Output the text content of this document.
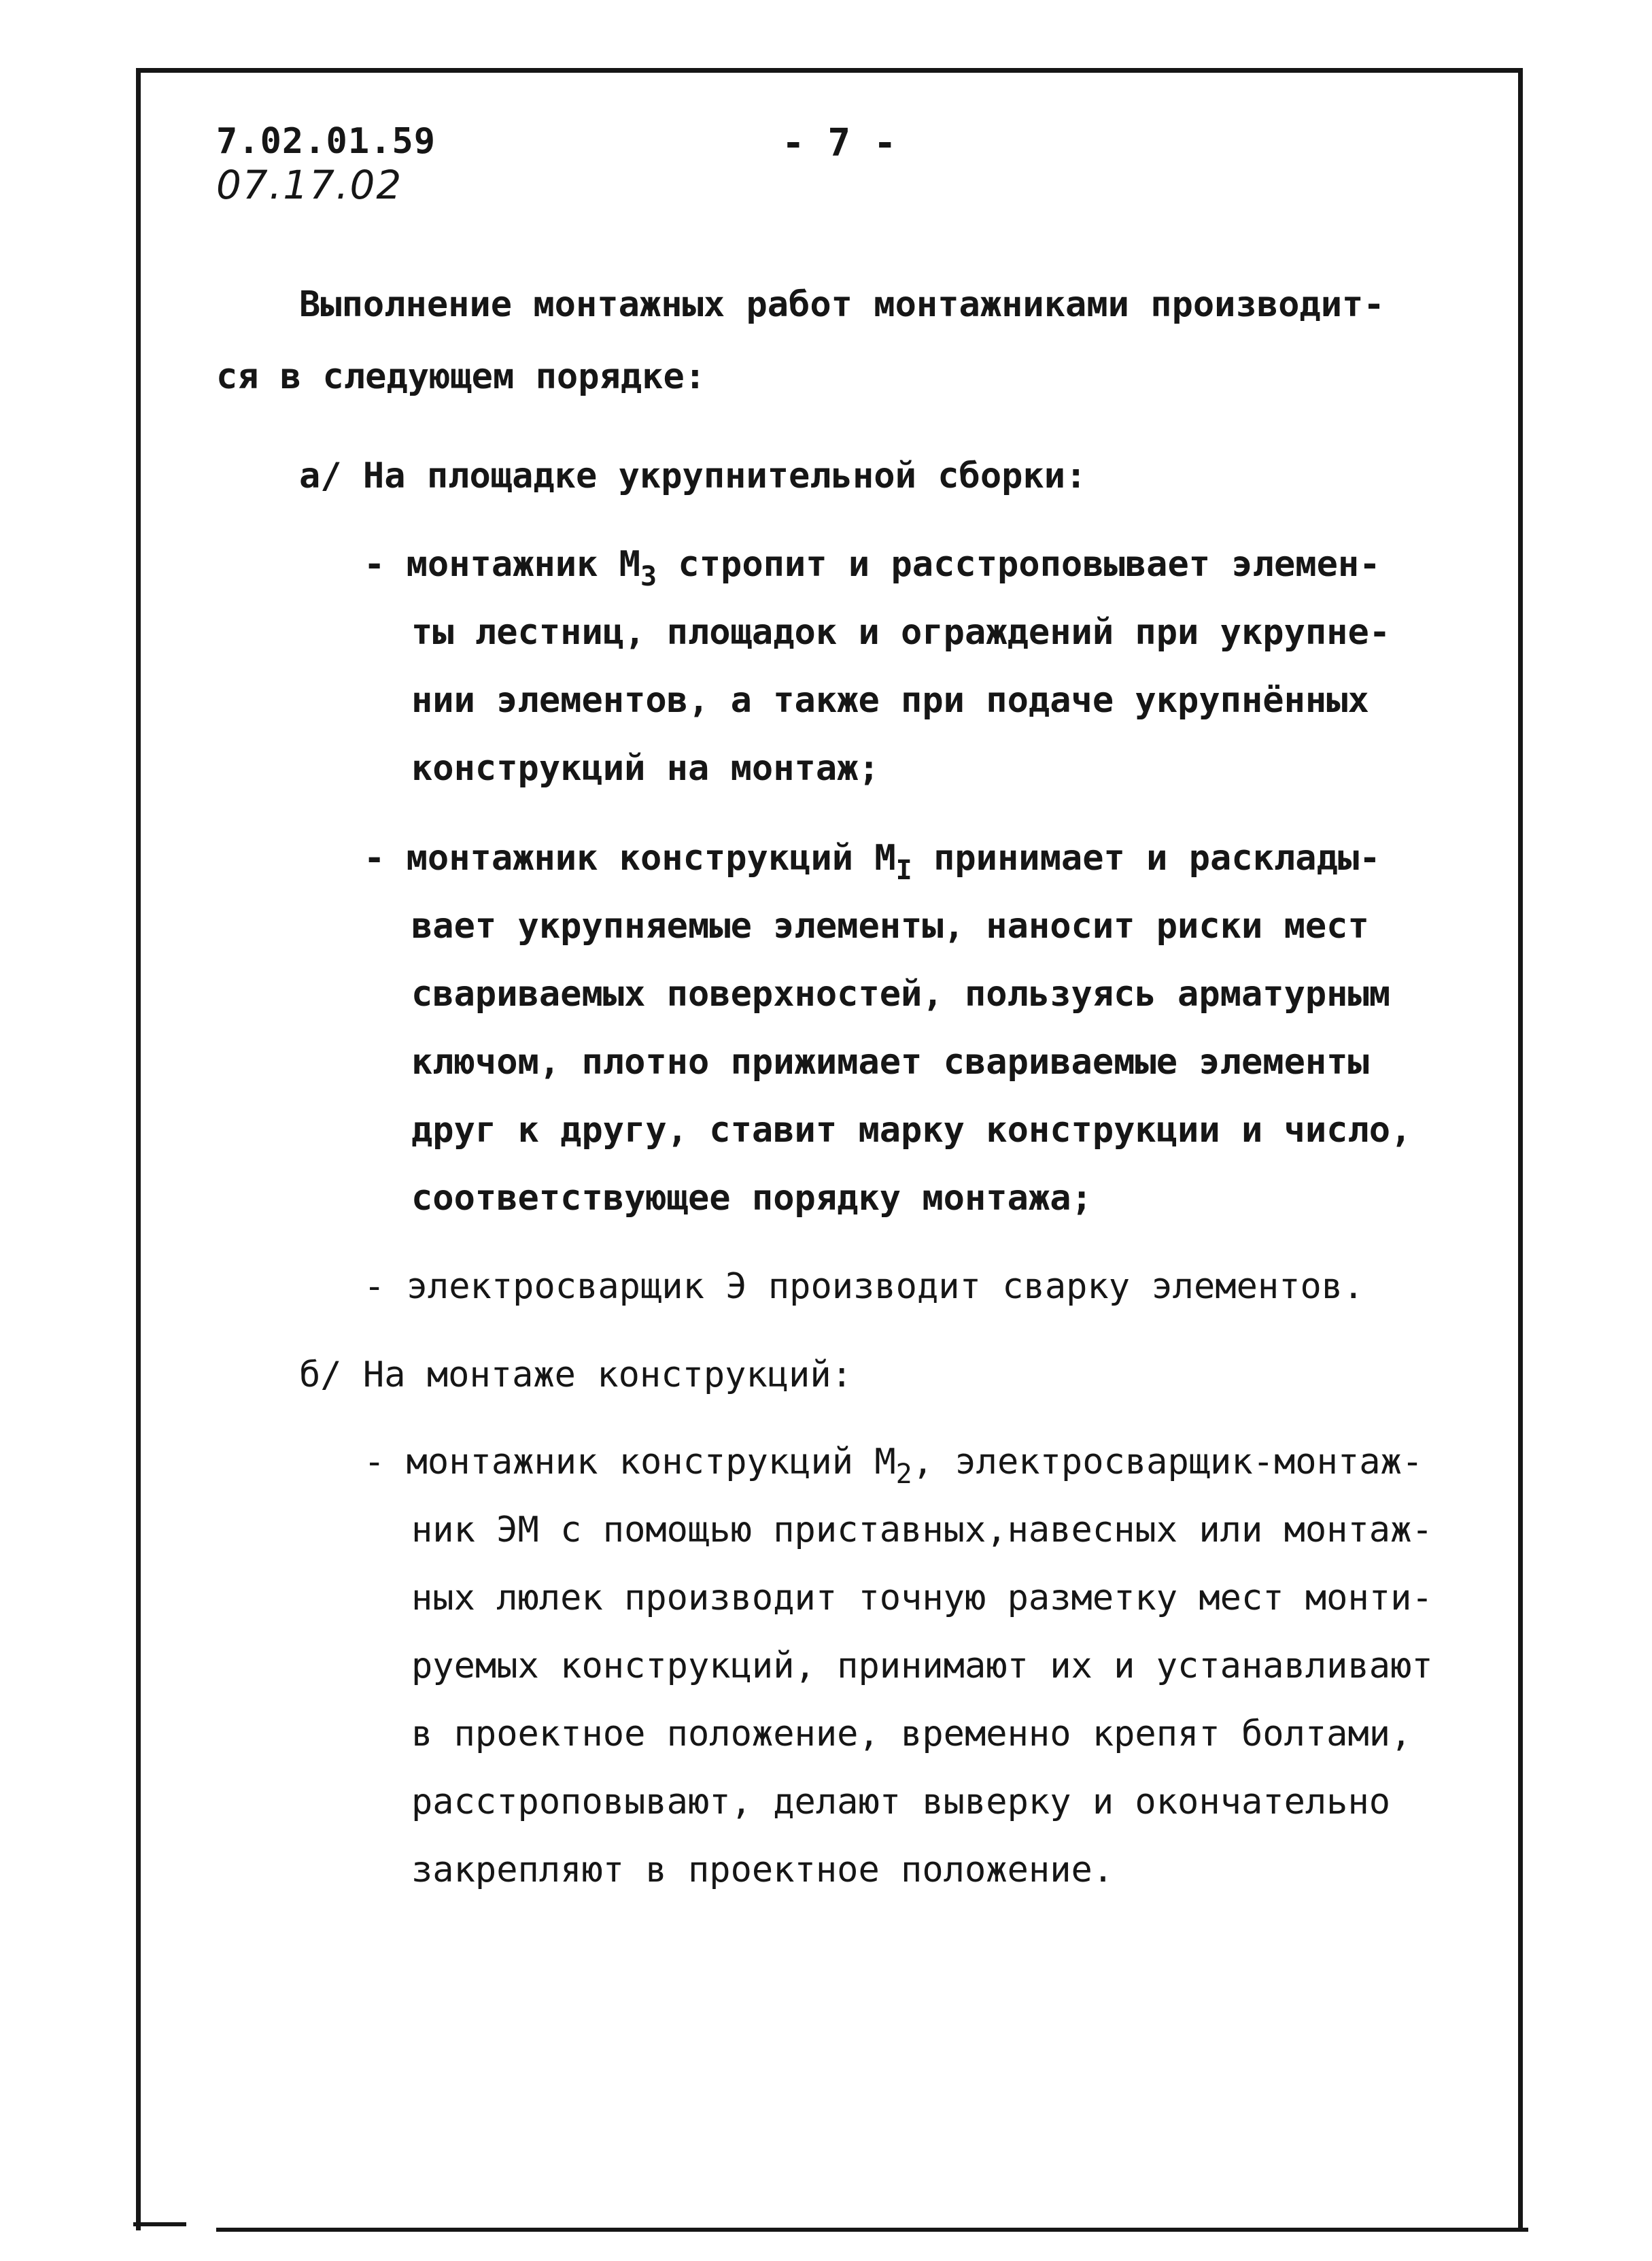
7.02.01.59
07.17.02
- 7 -
Выполнение монтажных работ монтажниками производит-
ся в следующем порядке:
а/ На площадке укрупнительной сборки:
- монтажник $М_3$ стропит и расстроповывает элемен-
ты лестниц, площадок и ограждений при укрупне-
нии элементов, а также при подаче укрупнённых
конструкций на монтаж;
- монтажник конструкций $М_I$ принимает и расклады-
вает укрупняемые элементы, наносит риски мест
свариваемых поверхностей, пользуясь арматурным
ключом, плотно прижимает свариваемые элементы
друг к другу, ставит марку конструкции и число,
соответствующее порядку монтажа;
- электросварщик Э производит сварку элементов.
б/ На монтаже конструкций:
- монтажник конструкций $М_2$, электросварщик-монтаж-
ник ЭМ с помощью приставных,навесных или монтаж-
ных люлек производит точную разметку мест монти-
руемых конструкций, принимают их и устанавливают
в проектное положение, временно крепят болтами,
расстроповывают, делают выверку и окончательно
закрепляют в проектное положение.
